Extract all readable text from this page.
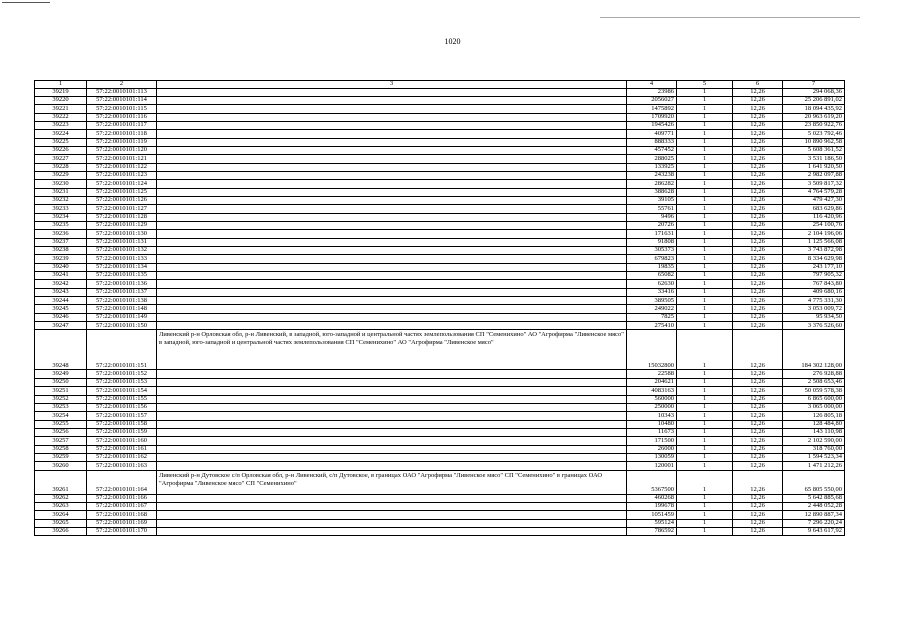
1020
1	2	3	4	5	6	7
39219	57:22:0010101:113		23986	1	12,26	294 068,36
39220	57:22:0010101:114		2056027	1	12,26	25 206 891,02
39221	57:22:0010101:115		1475892	1	12,26	18 094 435,92
39222	57:22:0010101:116		1709920	1	12,26	20 963 619,20
39223	57:22:0010101:117		1945426	1	12,26	23 850 922,76
39224	57:22:0010101:118		409771	1	12,26	5 023 792,46
39225	57:22:0010101:119		888333	1	12,26	10 890 962,58
39226	57:22:0010101:120		457452	1	12,26	5 608 361,52
39227	57:22:0010101:121		288025	1	12,26	3 531 186,50
39228	57:22:0010101:122		133925	1	12,26	1 641 920,50
39229	57:22:0010101:123		243238	1	12,26	2 982 097,88
39230	57:22:0010101:124		286282	1	12,26	3 509 817,32
39231	57:22:0010101:125		388628	1	12,26	4 764 579,28
39232	57:22:0010101:126		39105	1	12,26	479 427,30
39233	57:22:0010101:127		55761	1	12,26	683 629,86
39234	57:22:0010101:128		9496	1	12,26	116 420,96
39235	57:22:0010101:129		20726	1	12,26	254 100,76
39236	57:22:0010101:130		171631	1	12,26	2 104 196,06
39237	57:22:0010101:131		91808	1	12,26	1 125 566,08
39238	57:22:0010101:132		305373	1	12,26	3 743 872,98
39239	57:22:0010101:133		679823	1	12,26	8 334 629,98
39240	57:22:0010101:134		19835	1	12,26	243 177,10
39241	57:22:0010101:135		65082	1	12,26	797 905,32
39242	57:22:0010101:136		62630	1	12,26	767 843,80
39243	57:22:0010101:137		33416	1	12,26	409 680,16
39244	57:22:0010101:138		389505	1	12,26	4 775 331,30
39245	57:22:0010101:148		249022	1	12,26	3 053 009,72
39246	57:22:0010101:149		7825	1	12,26	95 934,50
39247	57:22:0010101:150		275410	1	12,26	3 376 526,60
39248	57:22:0010101:151	Ливенский р-н Орловская обл, р-н Ливенский, в западной, юго-западной и центральной частях землепользования СП "Семенихино" АО "Агрофирма "Ливенское мясо" в западной, юго-западной и центральной частях землепользования СП "Семенихино" АО "Агрофирма "Ливенское мясо"	15032800	1	12,26	184 302 128,00
39249	57:22:0010101:152		22588	1	12,26	276 928,88
39250	57:22:0010101:153		204621	1	12,26	2 508 653,46
39251	57:22:0010101:154		4083163	1	12,26	50 059 578,38
39252	57:22:0010101:155		560000	1	12,26	6 865 600,00
39253	57:22:0010101:156		250000	1	12,26	3 065 000,00
39254	57:22:0010101:157		10343	1	12,26	126 805,18
39255	57:22:0010101:158		10480	1	12,26	128 484,80
39256	57:22:0010101:159		11673	1	12,26	143 110,98
39257	57:22:0010101:160		171500	1	12,26	2 102 590,00
39258	57:22:0010101:161		26000	1	12,26	318 760,00
39259	57:22:0010101:162		130059	1	12,26	1 594 523,34
39260	57:22:0010101:163		120001	1	12,26	1 471 212,26
39261	57:22:0010101:164	Ливенский р-н Дутовское с/п Орловская обл, р-н Ливенский, с/п Дутовское, в границах ОАО "Агрофирма "Ливенское мясо" СП "Семенихино" в границах ОАО "Агрофирма "Ливенское мясо" СП "Семенихино"	5367500	1	12,26	65 805 550,00
39262	57:22:0010101:166		460268	1	12,26	5 642 885,68
39263	57:22:0010101:167		199678	1	12,26	2 448 052,28
39264	57:22:0010101:168		1051459	1	12,26	12 890 887,34
39265	57:22:0010101:169		595124	1	12,26	7 296 220,24
39266	57:22:0010101:170		786592	1	12,26	9 643 617,92
